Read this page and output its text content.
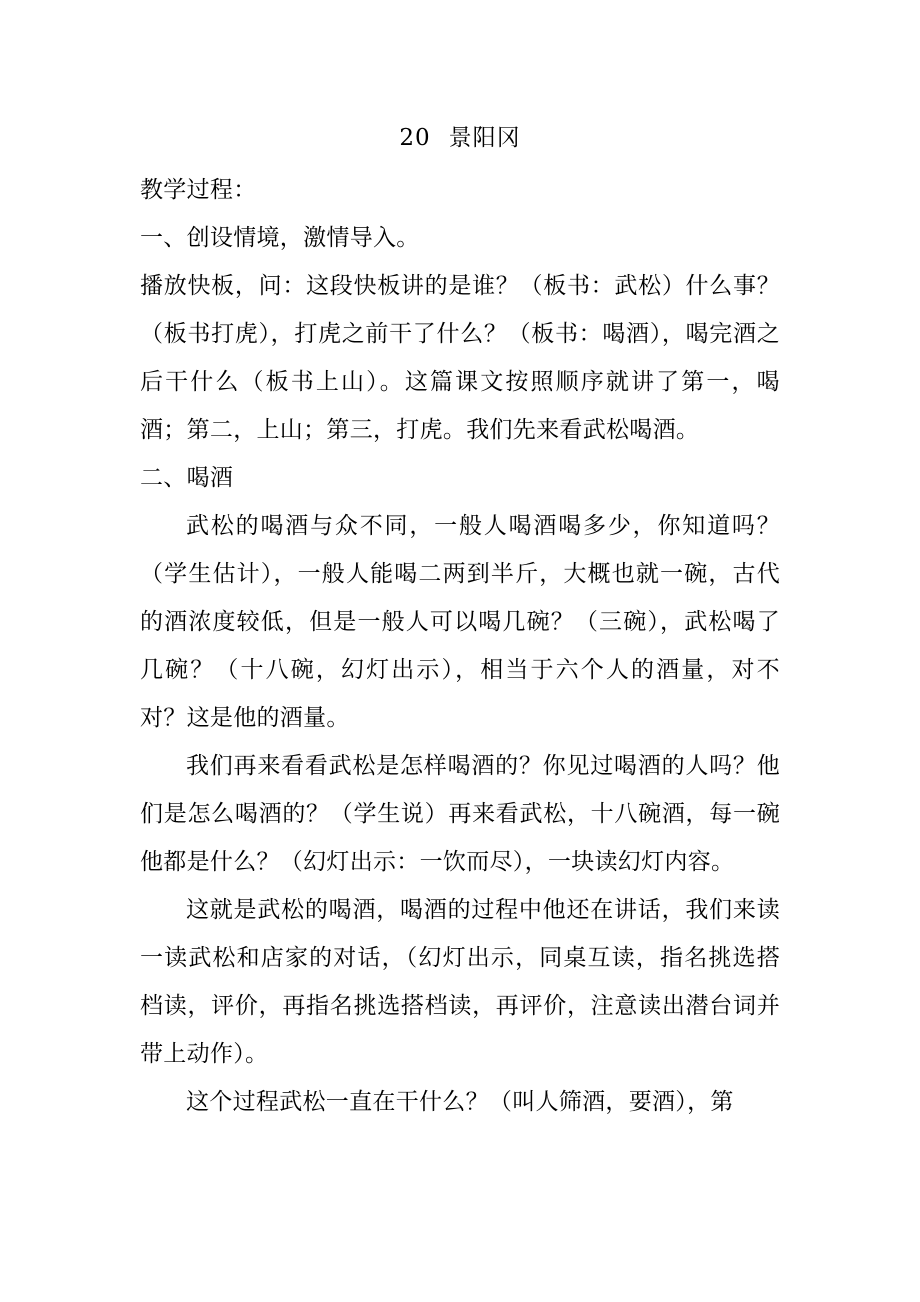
20 景阳冈

教学过程：

一、创设情境，激情导入。

播放快板，问：这段快板讲的是谁？（板书：武松）什么事？（板书打虎），打虎之前干了什么？（板书：喝酒），喝完酒之后干什么（板书上山）。这篇课文按照顺序就讲了第一，喝酒；第二，上山；第三，打虎。我们先来看武松喝酒。

二、喝酒

武松的喝酒与众不同，一般人喝酒喝多少，你知道吗？（学生估计），一般人能喝二两到半斤，大概也就一碗，古代的酒浓度较低，但是一般人可以喝几碗？（三碗），武松喝了几碗？（十八碗，幻灯出示），相当于六个人的酒量，对不对？这是他的酒量。

我们再来看看武松是怎样喝酒的？你见过喝酒的人吗？他们是怎么喝酒的？（学生说）再来看武松，十八碗酒，每一碗他都是什么？（幻灯出示：一饮而尽），一块读幻灯内容。

这就是武松的喝酒，喝酒的过程中他还在讲话，我们来读一读武松和店家的对话，（幻灯出示，同桌互读，指名挑选搭档读，评价，再指名挑选搭档读，再评价，注意读出潜台词并带上动作）。

这个过程武松一直在干什么？（叫人筛酒，要酒），第
